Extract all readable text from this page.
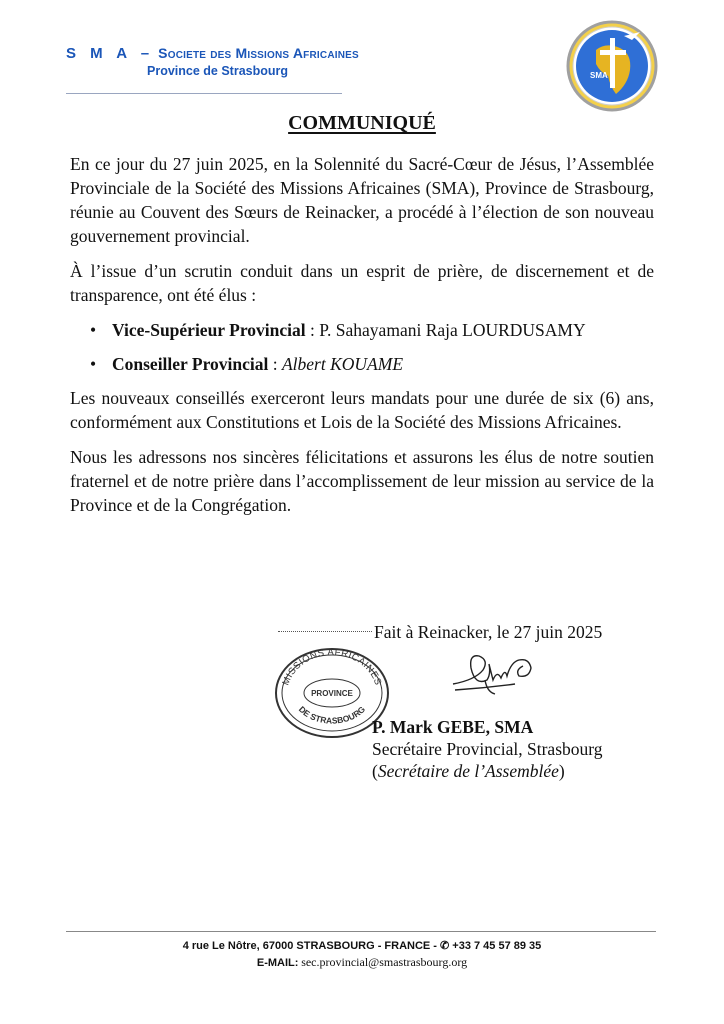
S M A – Societe des Missions Africaines
Province de Strasbourg	SMA
COMMUNIQUÉ

En ce jour du 27 juin 2025, en la Solennité du Sacré-Cœur de Jésus, l’Assemblée Provinciale de la Société des Missions Africaines (SMA), Province de Strasbourg, réunie au Couvent des Sœurs de Reinacker, a procédé à l’élection de son nouveau gouvernement provincial.

À l’issue d’un scrutin conduit dans un esprit de prière, de discernement et de transparence, ont été élus :

• Vice-Supérieur Provincial : P. Sahayamani Raja LOURDUSAMY
• Conseiller Provincial : Albert KOUAME

Les nouveaux conseillés exerceront leurs mandats pour une durée de six (6) ans, conformément aux Constitutions et Lois de la Société des Missions Africaines.

Nous les adressons nos sincères félicitations et assurons les élus de notre soutien fraternel et de notre prière dans l’accomplissement de leur mission au service de la Province et de la Congrégation.

Fait à Reinacker, le 27 juin 2025
MISSIONS AFRICAINES
PROVINCE
DE STRASBOURG
P. Mark GEBE, SMA
Secrétaire Provincial, Strasbourg
(Secrétaire de l’Assemblée)
4 rue Le Nôtre, 67000 STRASBOURG - FRANCE - ✆ +33 7 45 57 89 35
E-MAIL: sec.provincial@smastrasbourg.org
